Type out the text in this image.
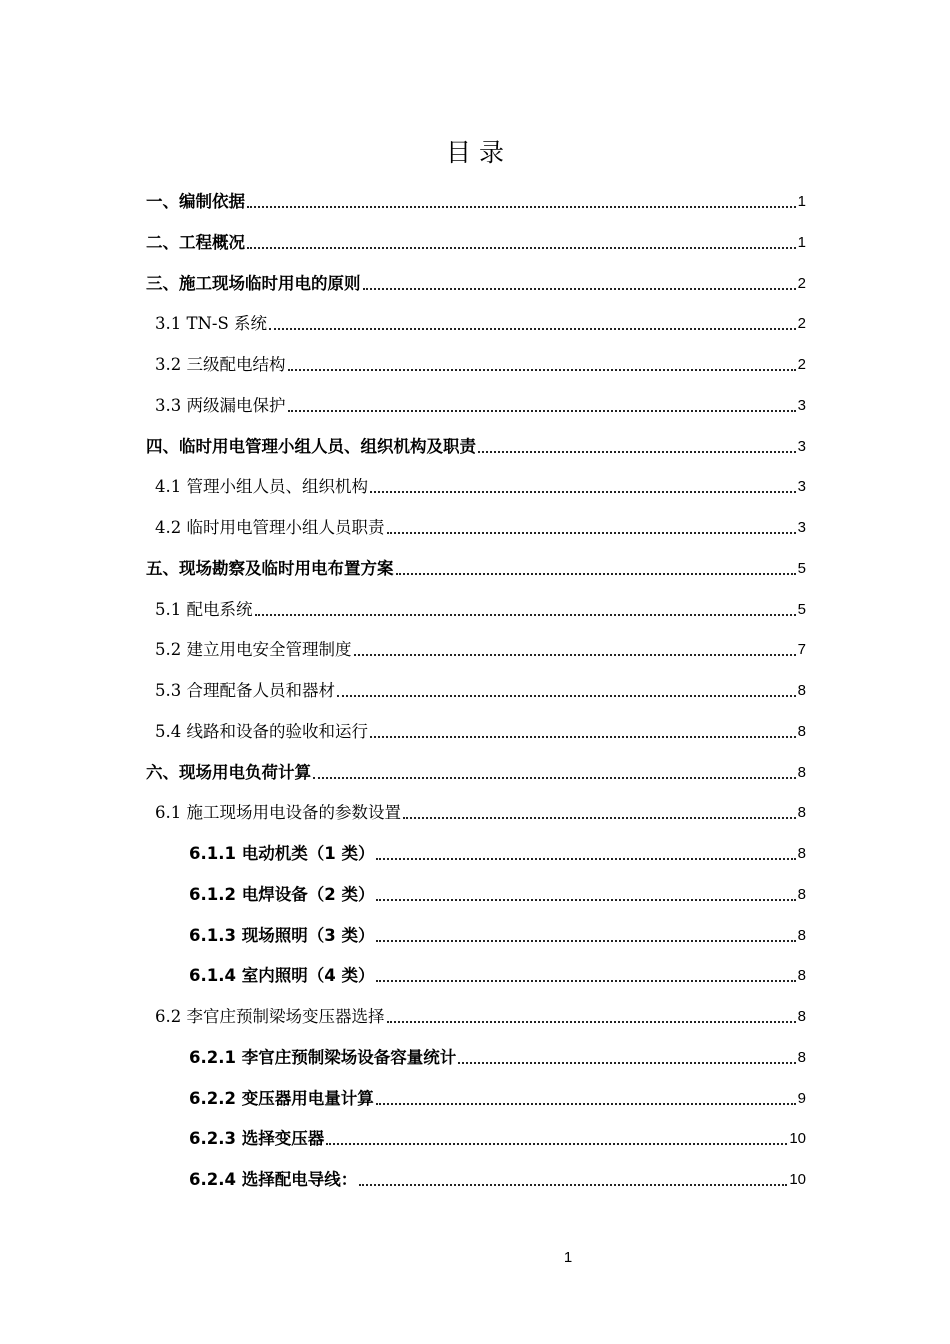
目 录
一、编制依据	1
二、工程概况	1
三、施工现场临时用电的原则	2
3.1 TN-S 系统	2
3.2 三级配电结构	2
3.3 两级漏电保护	3
四、临时用电管理小组人员、组织机构及职责	3
4.1 管理小组人员、组织机构	3
4.2 临时用电管理小组人员职责	3
五、现场勘察及临时用电布置方案	5
5.1 配电系统	5
5.2 建立用电安全管理制度	7
5.3 合理配备人员和器材	8
5.4 线路和设备的验收和运行	8
六、现场用电负荷计算	8
6.1 施工现场用电设备的参数设置	8
6.1.1 电动机类（1 类）	8
6.1.2 电焊设备（2 类）	8
6.1.3 现场照明（3 类）	8
6.1.4 室内照明（4 类）	8
6.2 李官庄预制梁场变压器选择	8
6.2.1 李官庄预制梁场设备容量统计	8
6.2.2 变压器用电量计算	9
6.2.3 选择变压器	10
6.2.4 选择配电导线：	10
1
